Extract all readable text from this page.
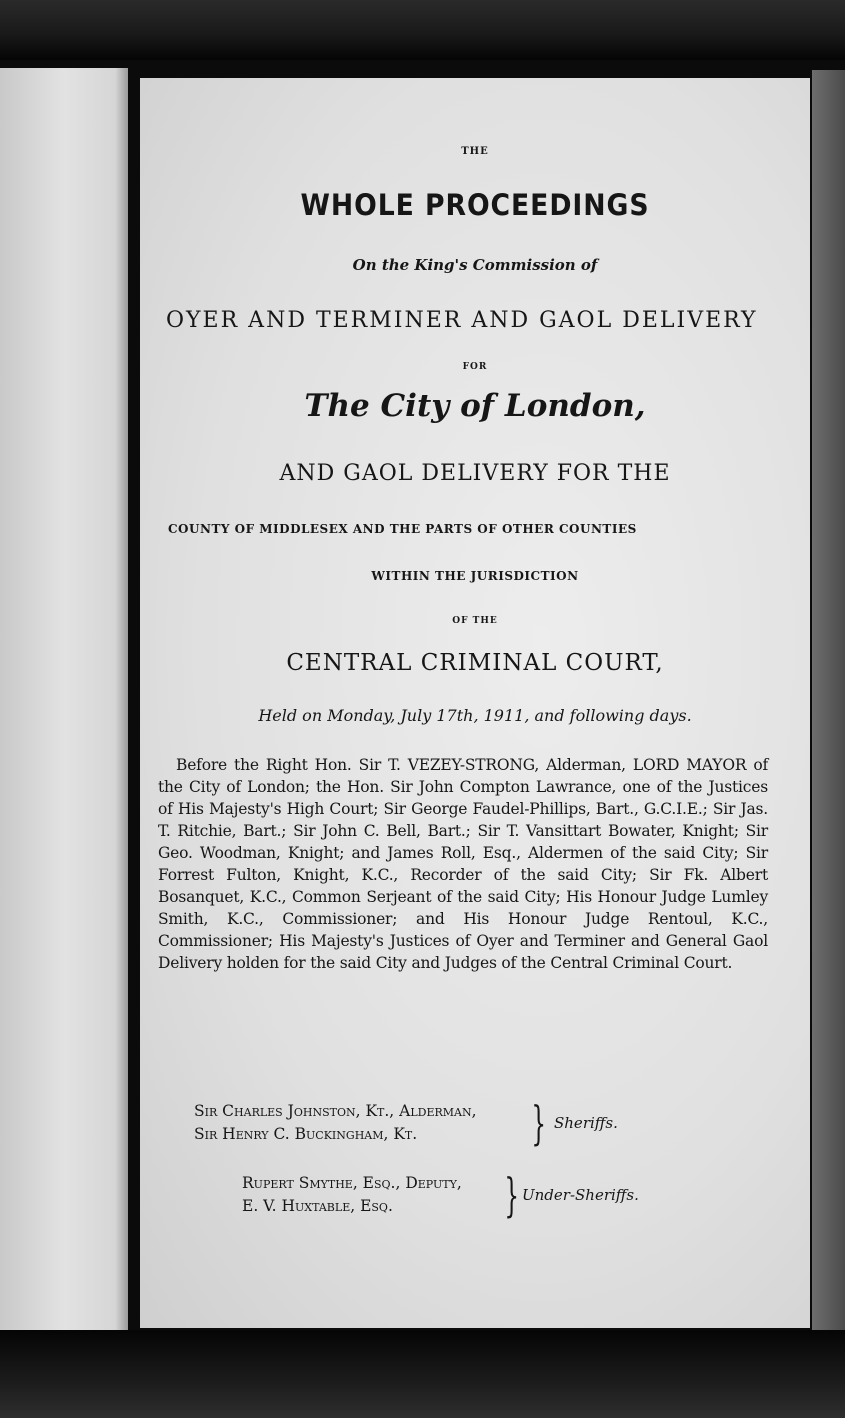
THE
WHOLE PROCEEDINGS
On the King's Commission of
OYER AND TERMINER AND GAOL DELIVERY
FOR
The City of London,
AND GAOL DELIVERY FOR THE
COUNTY OF MIDDLESEX AND THE PARTS OF OTHER COUNTIES
WITHIN THE JURISDICTION
OF THE
CENTRAL CRIMINAL COURT,
Held on Monday, July 17th, 1911, and following days.
Before the Right Hon. Sir T. VEZEY-STRONG, Alderman, LORD MAYOR of the City of London; the Hon. Sir John Compton Lawrance, one of the Justices of His Majesty's High Court; Sir George Faudel-Phillips, Bart., G.C.I.E.; Sir Jas. T. Ritchie, Bart.; Sir John C. Bell, Bart.; Sir T. Vansittart Bowater, Knight; Sir Geo. Woodman, Knight; and James Roll, Esq., Aldermen of the said City; Sir Forrest Fulton, Knight, K.C., Recorder of the said City; Sir Fk. Albert Bosanquet, K.C., Common Serjeant of the said City; His Honour Judge Lumley Smith, K.C., Commissioner; and His Honour Judge Rentoul, K.C., Commissioner; His Majesty's Justices of Oyer and Terminer and General Gaol Delivery holden for the said City and Judges of the Central Criminal Court.
Sir Charles Johnston, Kt., Alderman,
Sir Henry C. Buckingham, Kt.	} Sheriffs.
Rupert Smythe, Esq., Deputy,
E. V. Huxtable, Esq.	} Under-Sheriffs.
